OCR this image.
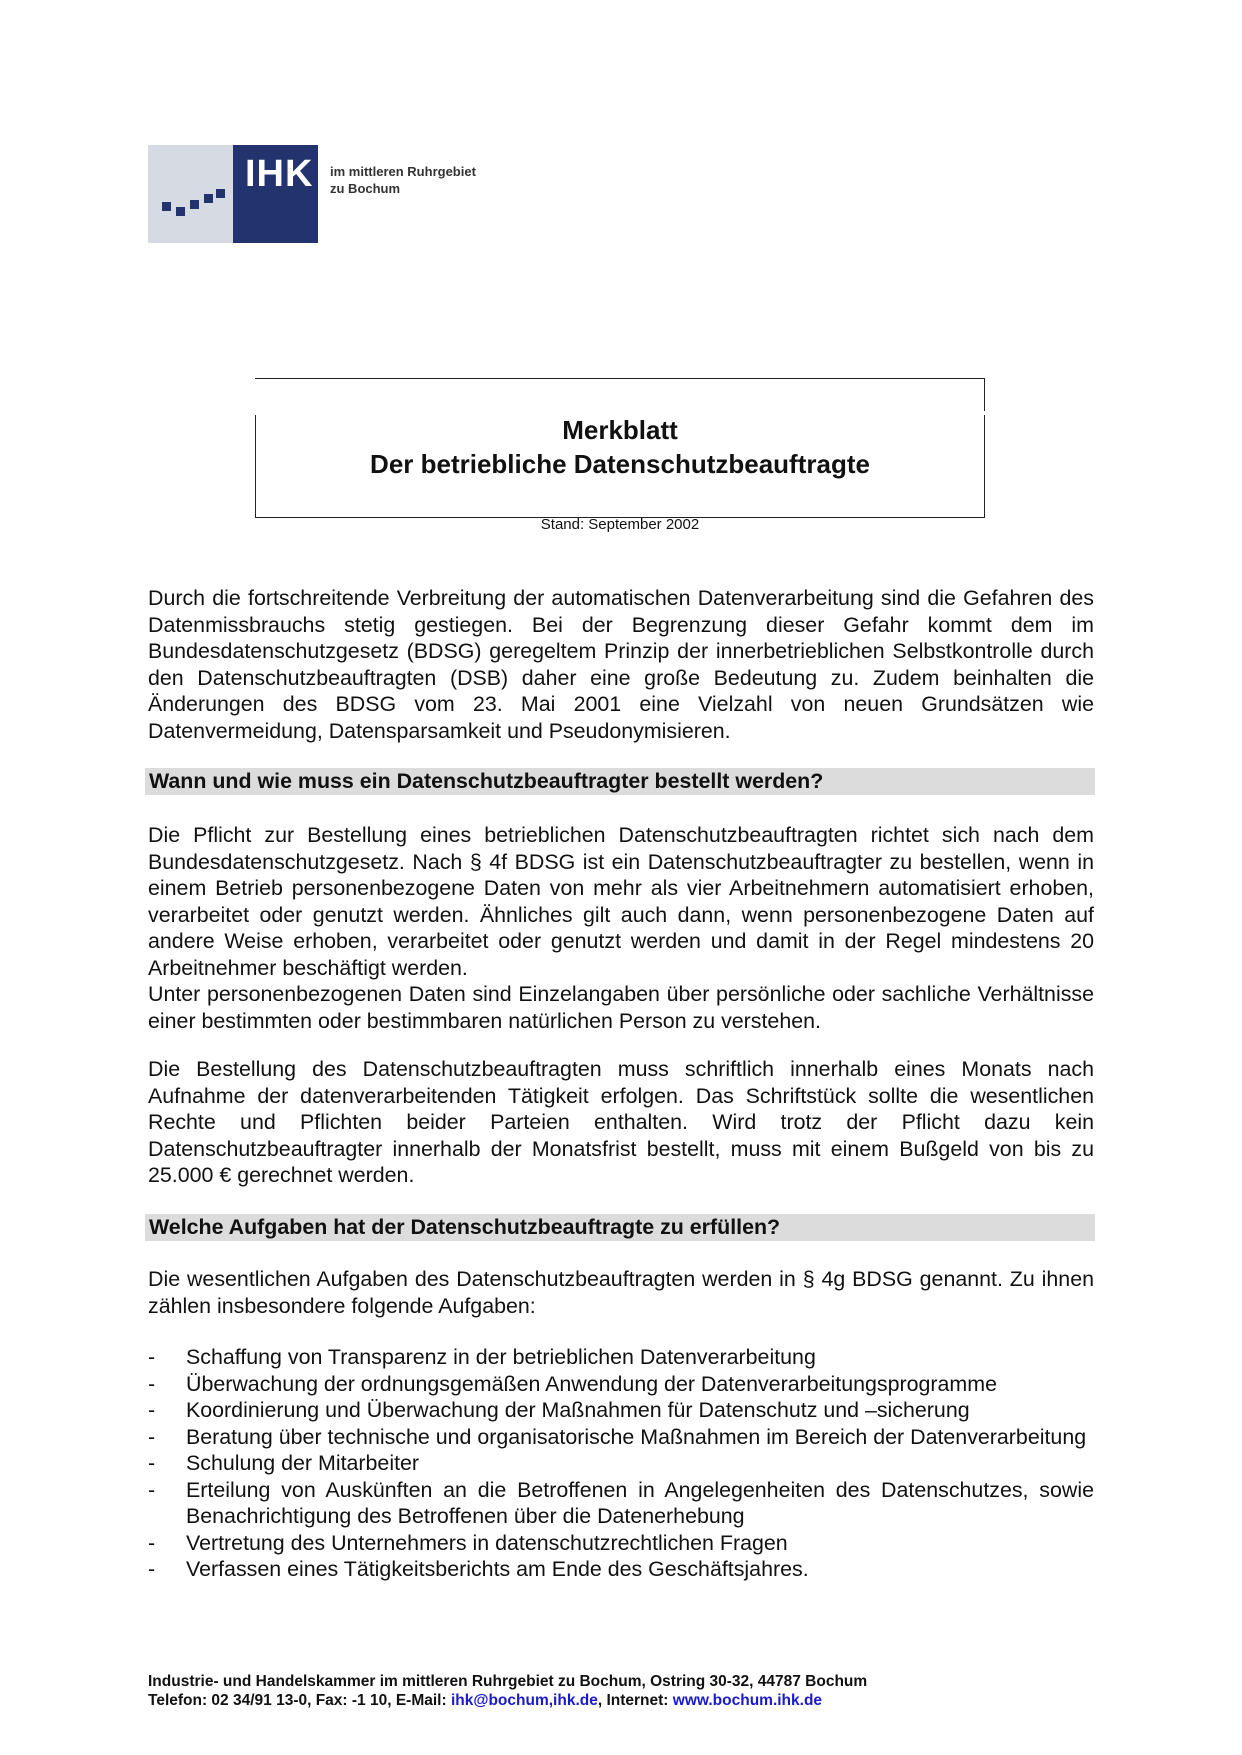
IHK im mittleren Ruhrgebiet
zu Bochum
Merkblatt
Der betriebliche Datenschutzbeauftragte
Stand: September 2002

Durch die fortschreitende Verbreitung der automatischen Datenverarbeitung sind die Gefahren des Datenmissbrauchs stetig gestiegen. Bei der Begrenzung dieser Gefahr kommt dem im Bundesdatenschutzgesetz (BDSG) geregeltem Prinzip der innerbetrieblichen Selbstkontrolle durch den Datenschutzbeauftragten (DSB) daher eine große Bedeutung zu. Zudem beinhalten die Änderungen des BDSG vom 23. Mai 2001 eine Vielzahl von neuen Grundsätzen wie Datenvermeidung, Datensparsamkeit und Pseudonymisieren.

Wann und wie muss ein Datenschutzbeauftragter bestellt werden?

Die Pflicht zur Bestellung eines betrieblichen Datenschutzbeauftragten richtet sich nach dem Bundesdatenschutzgesetz. Nach § 4f BDSG ist ein Datenschutzbeauftragter zu bestellen, wenn in einem Betrieb personenbezogene Daten von mehr als vier Arbeitnehmern automatisiert erhoben, verarbeitet oder genutzt werden. Ähnliches gilt auch dann, wenn personenbezogene Daten auf andere Weise erhoben, verarbeitet oder genutzt werden und damit in der Regel mindestens 20 Arbeitnehmer beschäftigt werden.

Unter personenbezogenen Daten sind Einzelangaben über persönliche oder sachliche Verhältnisse einer bestimmten oder bestimmbaren natürlichen Person zu verstehen.

Die Bestellung des Datenschutzbeauftragten muss schriftlich innerhalb eines Monats nach Aufnahme der datenverarbeitenden Tätigkeit erfolgen. Das Schriftstück sollte die wesentlichen Rechte und Pflichten beider Parteien enthalten. Wird trotz der Pflicht dazu kein Datenschutzbeauftragter innerhalb der Monatsfrist bestellt, muss mit einem Bußgeld von bis zu 25.000 € gerechnet werden.

Welche Aufgaben hat der Datenschutzbeauftragte zu erfüllen?

Die wesentlichen Aufgaben des Datenschutzbeauftragten werden in § 4g BDSG genannt. Zu ihnen zählen insbesondere folgende Aufgaben:

- Schaffung von Transparenz in der betrieblichen Datenverarbeitung
- Überwachung der ordnungsgemäßen Anwendung der Datenverarbeitungsprogramme
- Koordinierung und Überwachung der Maßnahmen für Datenschutz und –sicherung
- Beratung über technische und organisatorische Maßnahmen im Bereich der Datenverarbeitung
- Schulung der Mitarbeiter
- Erteilung von Auskünften an die Betroffenen in Angelegenheiten des Datenschutzes, sowie Benachrichtigung des Betroffenen über die Datenerhebung
- Vertretung des Unternehmers in datenschutzrechtlichen Fragen
- Verfassen eines Tätigkeitsberichts am Ende des Geschäftsjahres.
Industrie- und Handelskammer im mittleren Ruhrgebiet zu Bochum, Ostring 30-32, 44787 Bochum
Telefon: 02 34/91 13-0, Fax: -1 10, E-Mail: ihk@bochum,ihk.de, Internet: www.bochum.ihk.de
